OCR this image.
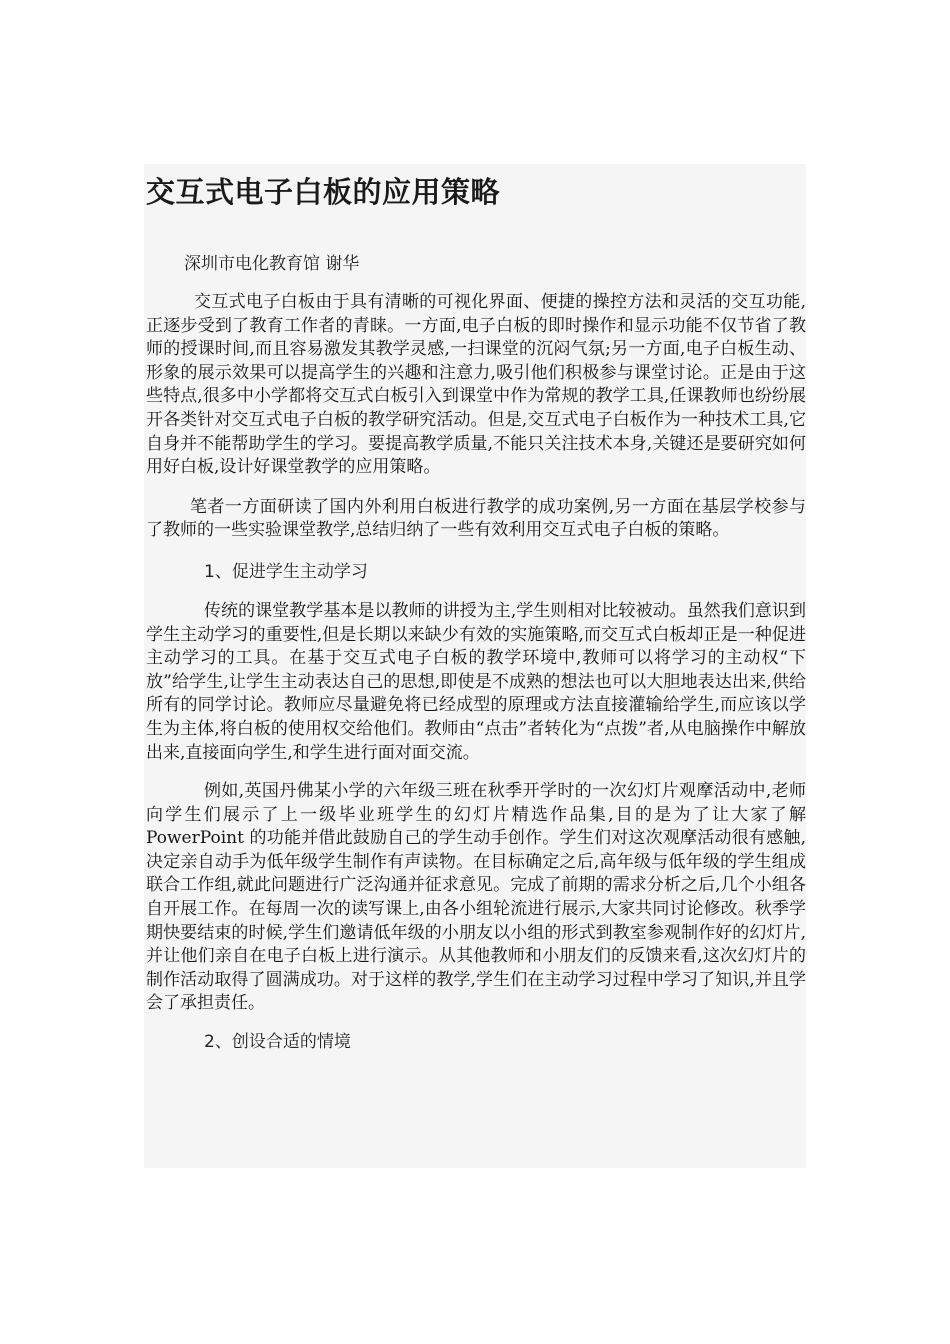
交互式电子白板的应用策略
深圳市电化教育馆 谢华

交互式电子白板由于具有清晰的可视化界面、便捷的操控方法和灵活的交互功能,正逐步受到了教育工作者的青睐。一方面,电子白板的即时操作和显示功能不仅节省了教师的授课时间,而且容易激发其教学灵感,一扫课堂的沉闷气氛;另一方面,电子白板生动、形象的展示效果可以提高学生的兴趣和注意力,吸引他们积极参与课堂讨论。正是由于这些特点,很多中小学都将交互式白板引入到课堂中作为常规的教学工具,任课教师也纷纷展开各类针对交互式电子白板的教学研究活动。但是,交互式电子白板作为一种技术工具,它自身并不能帮助学生的学习。要提高教学质量,不能只关注技术本身,关键还是要研究如何用好白板,设计好课堂教学的应用策略。

笔者一方面研读了国内外利用白板进行教学的成功案例,另一方面在基层学校参与了教师的一些实验课堂教学,总结归纳了一些有效利用交互式电子白板的策略。

1、促进学生主动学习

传统的课堂教学基本是以教师的讲授为主,学生则相对比较被动。虽然我们意识到学生主动学习的重要性,但是长期以来缺少有效的实施策略,而交互式白板却正是一种促进主动学习的工具。在基于交互式电子白板的教学环境中,教师可以将学习的主动权“下放”给学生,让学生主动表达自己的思想,即使是不成熟的想法也可以大胆地表达出来,供给所有的同学讨论。教师应尽量避免将已经成型的原理或方法直接灌输给学生,而应该以学生为主体,将白板的使用权交给他们。教师由“点击”者转化为“点拨”者,从电脑操作中解放出来,直接面向学生,和学生进行面对面交流。

例如,英国丹佛某小学的六年级三班在秋季开学时的一次幻灯片观摩活动中,老师向学生们展示了上一级毕业班学生的幻灯片精选作品集,目的是为了让大家了解 PowerPoint 的功能并借此鼓励自己的学生动手创作。学生们对这次观摩活动很有感触,决定亲自动手为低年级学生制作有声读物。在目标确定之后,高年级与低年级的学生组成联合工作组,就此问题进行广泛沟通并征求意见。完成了前期的需求分析之后,几个小组各自开展工作。在每周一次的读写课上,由各小组轮流进行展示,大家共同讨论修改。秋季学期快要结束的时候,学生们邀请低年级的小朋友以小组的形式到教室参观制作好的幻灯片,并让他们亲自在电子白板上进行演示。从其他教师和小朋友们的反馈来看,这次幻灯片的制作活动取得了圆满成功。对于这样的教学,学生们在主动学习过程中学习了知识,并且学会了承担责任。

2、创设合适的情境
